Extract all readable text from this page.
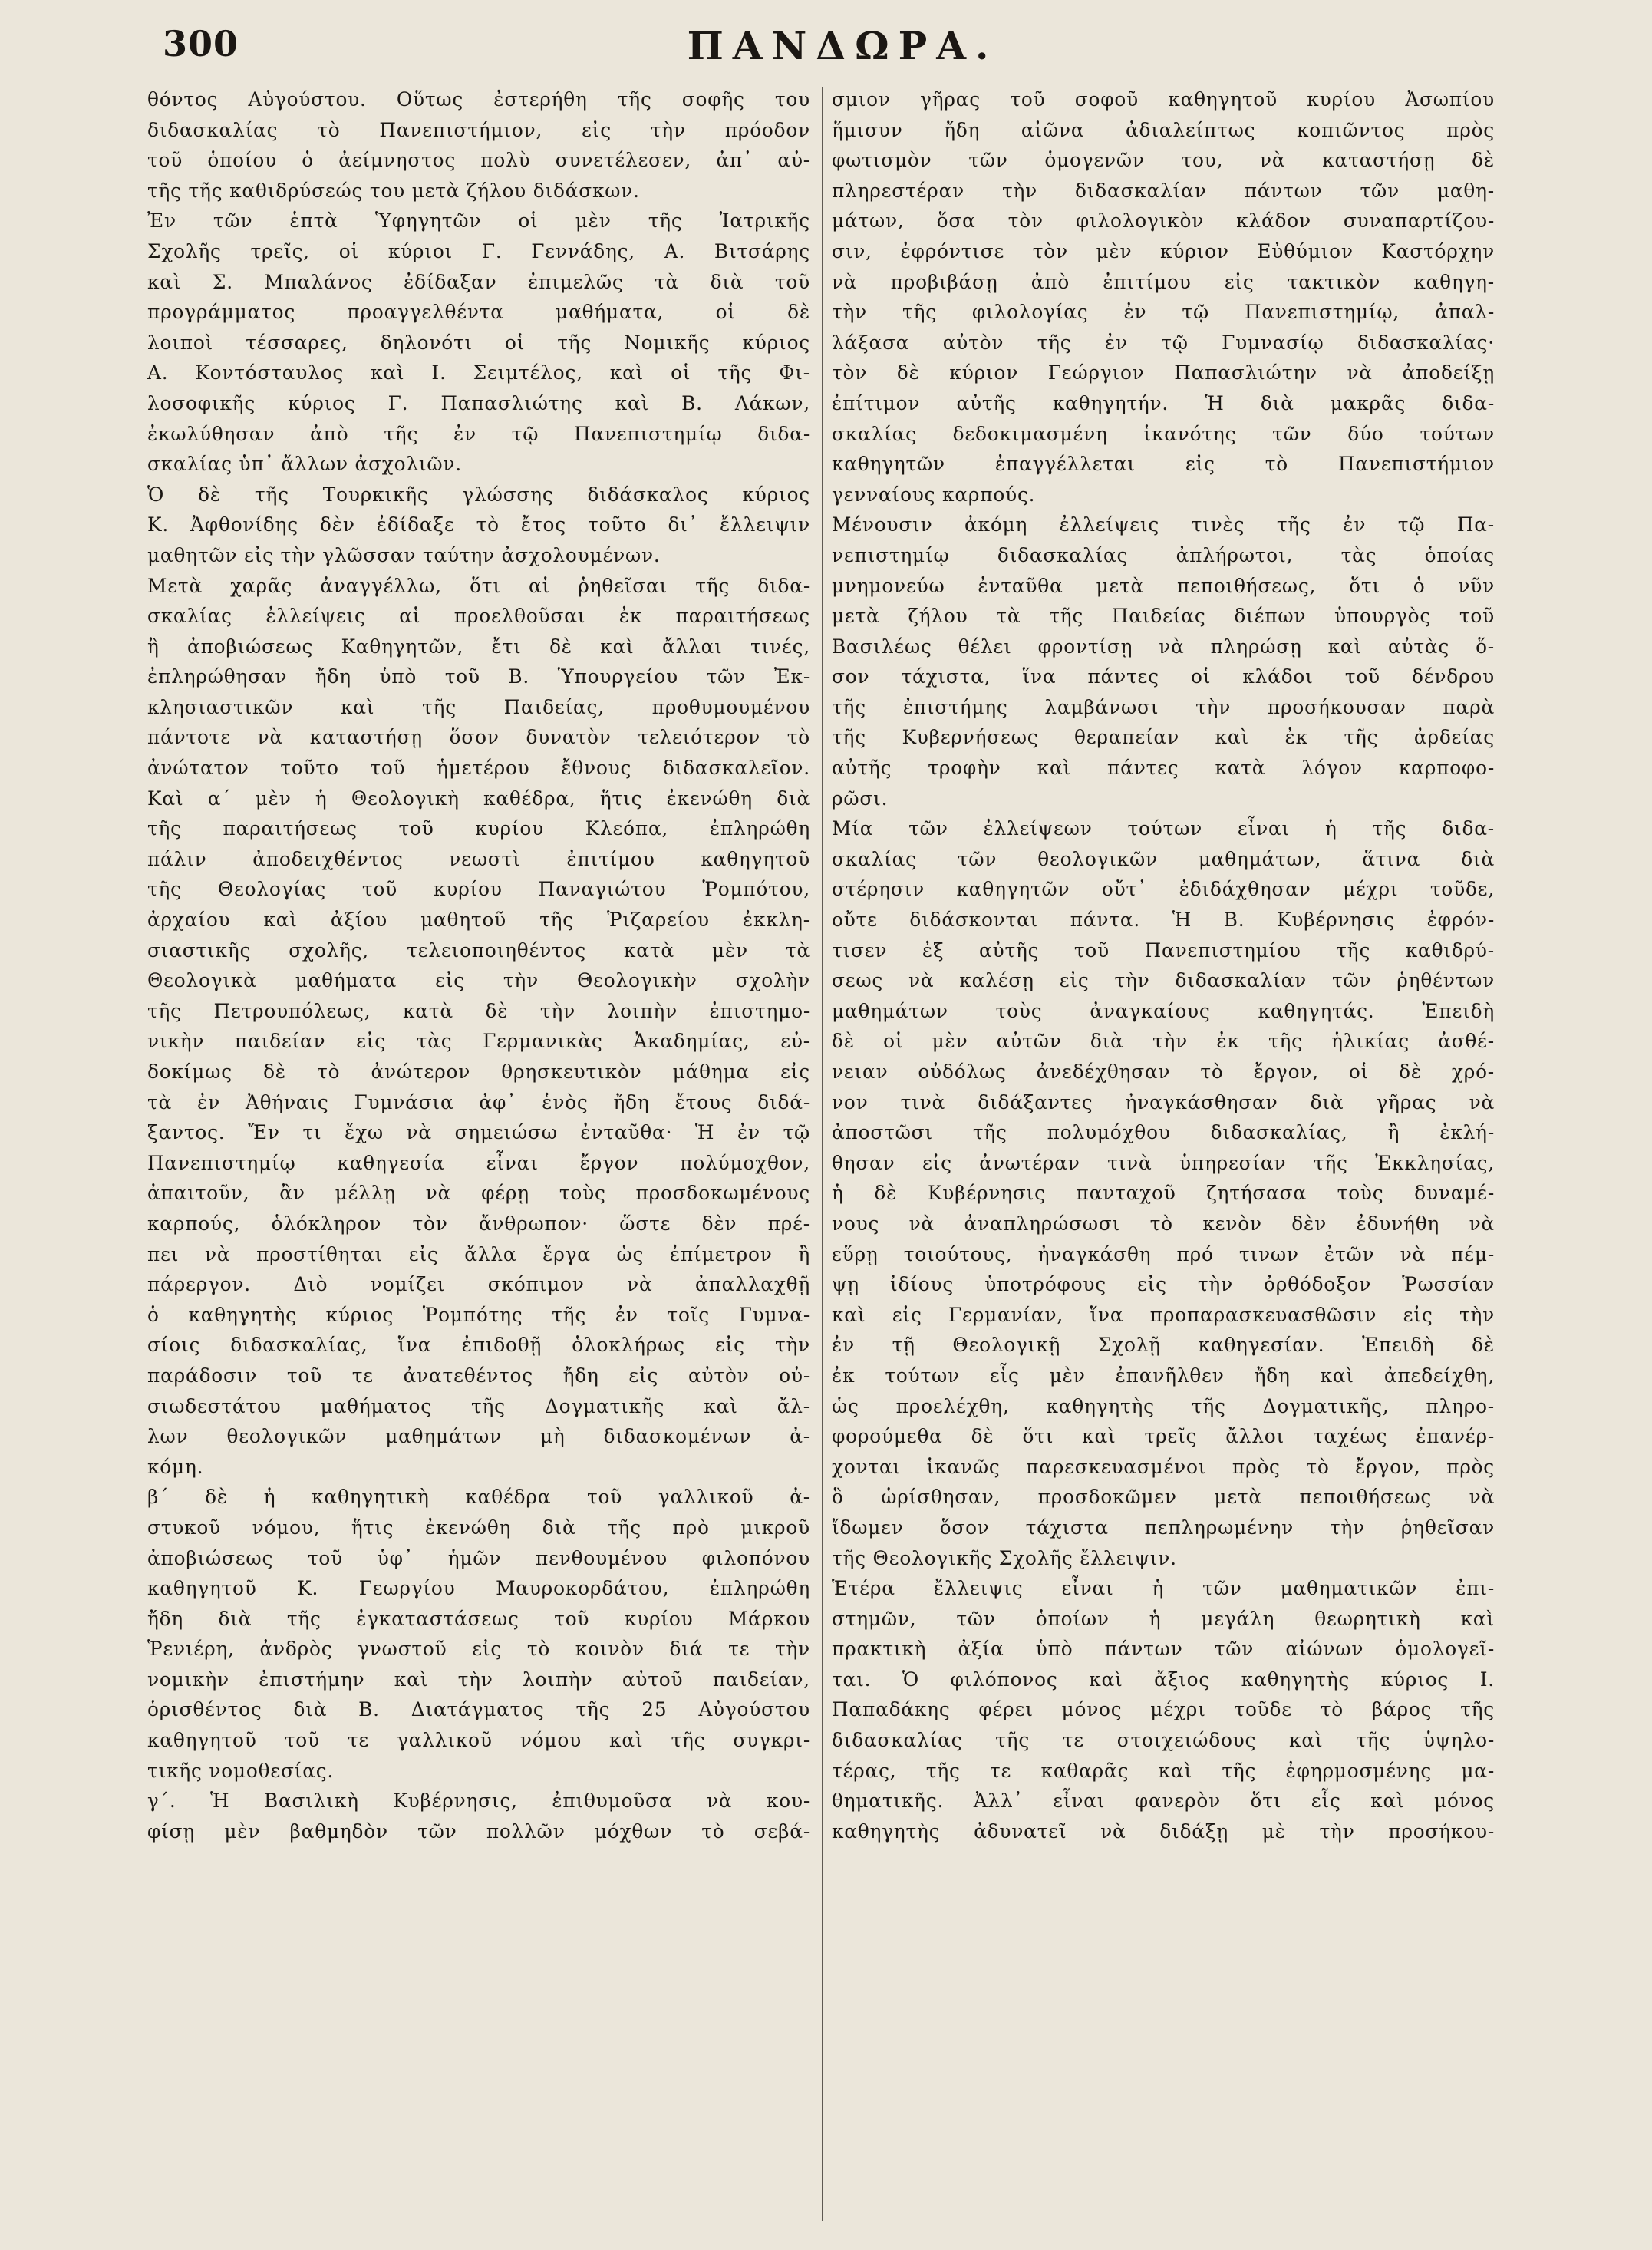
300	ΠΑΝΔΩΡΑ.
θόντος Αὐγούστου. Οὕτως ἐστερήθη τῆς σοφῆς του
διδασκαλίας τὸ Πανεπιστήμιον, εἰς τὴν πρόοδον
τοῦ ὁποίου ὁ ἀείμνηστος πολὺ συνετέλεσεν, ἀπ᾽ αὐ-
τῆς τῆς καθιδρύσεώς του μετὰ ζήλου διδάσκων.
Ἐν τῶν ἑπτὰ Ὑφηγητῶν οἱ μὲν τῆς Ἰατρικῆς
Σχολῆς τρεῖς, οἱ κύριοι Γ. Γεννάδης, Α. Βιτσάρης
καὶ Σ. Μπαλάνος ἐδίδαξαν ἐπιμελῶς τὰ διὰ τοῦ
προγράμματος προαγγελθέντα μαθήματα, οἱ δὲ
λοιποὶ τέσσαρες, δηλονότι οἱ τῆς Νομικῆς κύριος
Α. Κοντόσταυλος καὶ Ι. Σειμτέλος, καὶ οἱ τῆς Φι-
λοσοφικῆς κύριος Γ. Παπασλιώτης καὶ Β. Λάκων,
ἐκωλύθησαν ἀπὸ τῆς ἐν τῷ Πανεπιστημίῳ διδα-
σκαλίας ὑπ᾽ ἄλλων ἀσχολιῶν.
Ὁ δὲ τῆς Τουρκικῆς γλώσσης διδάσκαλος κύριος
Κ. Ἀφθονίδης δὲν ἐδίδαξε τὸ ἔτος τοῦτο δι᾽ ἔλλειψιν
μαθητῶν εἰς τὴν γλῶσσαν ταύτην ἀσχολουμένων.
Μετὰ χαρᾶς ἀναγγέλλω, ὅτι αἱ ῥηθεῖσαι τῆς διδα-
σκαλίας ἐλλείψεις αἱ προελθοῦσαι ἐκ παραιτήσεως
ἢ ἀποβιώσεως Καθηγητῶν, ἔτι δὲ καὶ ἄλλαι τινές,
ἐπληρώθησαν ἤδη ὑπὸ τοῦ Β. Ὑπουργείου τῶν Ἐκ-
κλησιαστικῶν καὶ τῆς Παιδείας, προθυμουμένου
πάντοτε νὰ καταστήσῃ ὅσον δυνατὸν τελειότερον τὸ
ἀνώτατον τοῦτο τοῦ ἡμετέρου ἔθνους διδασκαλεῖον.
Καὶ α΄ μὲν ἡ Θεολογικὴ καθέδρα, ἥτις ἐκενώθη διὰ
τῆς παραιτήσεως τοῦ κυρίου Κλεόπα, ἐπληρώθη
πάλιν ἀποδειχθέντος νεωστὶ ἐπιτίμου καθηγητοῦ
τῆς Θεολογίας τοῦ κυρίου Παναγιώτου Ῥομπότου,
ἀρχαίου καὶ ἀξίου μαθητοῦ τῆς Ῥιζαρείου ἐκκλη-
σιαστικῆς σχολῆς, τελειοποιηθέντος κατὰ μὲν τὰ
Θεολογικὰ μαθήματα εἰς τὴν Θεολογικὴν σχολὴν
τῆς Πετρουπόλεως, κατὰ δὲ τὴν λοιπὴν ἐπιστημο-
νικὴν παιδείαν εἰς τὰς Γερμανικὰς Ἀκαδημίας, εὐ-
δοκίμως δὲ τὸ ἀνώτερον θρησκευτικὸν μάθημα εἰς
τὰ ἐν Ἀθήναις Γυμνάσια ἀφ᾽ ἑνὸς ἤδη ἔτους διδά-
ξαντος. Ἔν τι ἔχω νὰ σημειώσω ἐνταῦθα· Ἡ ἐν τῷ
Πανεπιστημίῳ καθηγεσία εἶναι ἔργον πολύμοχθον,
ἀπαιτοῦν, ἂν μέλλῃ νὰ φέρῃ τοὺς προσδοκωμένους
καρπούς, ὁλόκληρον τὸν ἄνθρωπον· ὥστε δὲν πρέ-
πει νὰ προστίθηται εἰς ἄλλα ἔργα ὡς ἐπίμετρον ἢ
πάρεργον. Διὸ νομίζει σκόπιμον νὰ ἀπαλλαχθῇ
ὁ καθηγητὴς κύριος Ῥομπότης τῆς ἐν τοῖς Γυμνα-
σίοις διδασκαλίας, ἵνα ἐπιδοθῇ ὁλοκλήρως εἰς τὴν
παράδοσιν τοῦ τε ἀνατεθέντος ἤδη εἰς αὐτὸν οὐ-
σιωδεστάτου μαθήματος τῆς Δογματικῆς καὶ ἄλ-
λων θεολογικῶν μαθημάτων μὴ διδασκομένων ἀ-
κόμη.
β΄ δὲ ἡ καθηγητικὴ καθέδρα τοῦ γαλλικοῦ ἀ-
στυκοῦ νόμου, ἥτις ἐκενώθη διὰ τῆς πρὸ μικροῦ
ἀποβιώσεως τοῦ ὑφ᾽ ἡμῶν πενθουμένου φιλοπόνου
καθηγητοῦ Κ. Γεωργίου Μαυροκορδάτου, ἐπληρώθη
ἤδη διὰ τῆς ἐγκαταστάσεως τοῦ κυρίου Μάρκου
Ῥενιέρη, ἀνδρὸς γνωστοῦ εἰς τὸ κοινὸν διά τε τὴν
νομικὴν ἐπιστήμην καὶ τὴν λοιπὴν αὐτοῦ παιδείαν,
ὁρισθέντος διὰ Β. Διατάγματος τῆς 25 Αὐγούστου
καθηγητοῦ τοῦ τε γαλλικοῦ νόμου καὶ τῆς συγκρι-
τικῆς νομοθεσίας.
γ΄. Ἡ Βασιλικὴ Κυβέρνησις, ἐπιθυμοῦσα νὰ κου-
φίσῃ μὲν βαθμηδὸν τῶν πολλῶν μόχθων τὸ σεβά-
σμιον γῆρας τοῦ σοφοῦ καθηγητοῦ κυρίου Ἀσωπίου
ἥμισυν ἤδη αἰῶνα ἀδιαλείπτως κοπιῶντος πρὸς
φωτισμὸν τῶν ὁμογενῶν του, νὰ καταστήσῃ δὲ
πληρεστέραν τὴν διδασκαλίαν πάντων τῶν μαθη-
μάτων, ὅσα τὸν φιλολογικὸν κλάδον συναπαρτίζου-
σιν, ἐφρόντισε τὸν μὲν κύριον Εὐθύμιον Καστόρχην
νὰ προβιβάσῃ ἀπὸ ἐπιτίμου εἰς τακτικὸν καθηγη-
τὴν τῆς φιλολογίας ἐν τῷ Πανεπιστημίῳ, ἀπαλ-
λάξασα αὐτὸν τῆς ἐν τῷ Γυμνασίῳ διδασκαλίας·
τὸν δὲ κύριον Γεώργιον Παπασλιώτην νὰ ἀποδείξῃ
ἐπίτιμον αὐτῆς καθηγητήν. Ἡ διὰ μακρᾶς διδα-
σκαλίας δεδοκιμασμένη ἱκανότης τῶν δύο τούτων
καθηγητῶν ἐπαγγέλλεται εἰς τὸ Πανεπιστήμιον
γενναίους καρπούς.
Μένουσιν ἀκόμη ἐλλείψεις τινὲς τῆς ἐν τῷ Πα-
νεπιστημίῳ διδασκαλίας ἀπλήρωτοι, τὰς ὁποίας
μνημονεύω ἐνταῦθα μετὰ πεποιθήσεως, ὅτι ὁ νῦν
μετὰ ζήλου τὰ τῆς Παιδείας διέπων ὑπουργὸς τοῦ
Βασιλέως θέλει φροντίσῃ νὰ πληρώσῃ καὶ αὐτὰς ὅ-
σον τάχιστα, ἵνα πάντες οἱ κλάδοι τοῦ δένδρου
τῆς ἐπιστήμης λαμβάνωσι τὴν προσήκουσαν παρὰ
τῆς Κυβερνήσεως θεραπείαν καὶ ἐκ τῆς ἀρδείας
αὐτῆς τροφὴν καὶ πάντες κατὰ λόγον καρποφο-
ρῶσι.
Μία τῶν ἐλλείψεων τούτων εἶναι ἡ τῆς διδα-
σκαλίας τῶν θεολογικῶν μαθημάτων, ἅτινα διὰ
στέρησιν καθηγητῶν οὔτ᾽ ἐδιδάχθησαν μέχρι τοῦδε,
οὔτε διδάσκονται πάντα. Ἡ Β. Κυβέρνησις ἐφρόν-
τισεν ἐξ αὐτῆς τοῦ Πανεπιστημίου τῆς καθιδρύ-
σεως νὰ καλέσῃ εἰς τὴν διδασκαλίαν τῶν ῥηθέντων
μαθημάτων τοὺς ἀναγκαίους καθηγητάς. Ἐπειδὴ
δὲ οἱ μὲν αὐτῶν διὰ τὴν ἐκ τῆς ἡλικίας ἀσθέ-
νειαν οὐδόλως ἀνεδέχθησαν τὸ ἔργον, οἱ δὲ χρό-
νον τινὰ διδάξαντες ἠναγκάσθησαν διὰ γῆρας νὰ
ἀποστῶσι τῆς πολυμόχθου διδασκαλίας, ἢ ἐκλή-
θησαν εἰς ἀνωτέραν τινὰ ὑπηρεσίαν τῆς Ἐκκλησίας,
ἡ δὲ Κυβέρνησις πανταχοῦ ζητήσασα τοὺς δυναμέ-
νους νὰ ἀναπληρώσωσι τὸ κενὸν δὲν ἐδυνήθη νὰ
εὕρῃ τοιούτους, ἠναγκάσθη πρό τινων ἐτῶν νὰ πέμ-
ψῃ ἰδίους ὑποτρόφους εἰς τὴν ὀρθόδοξον Ῥωσσίαν
καὶ εἰς Γερμανίαν, ἵνα προπαρασκευασθῶσιν εἰς τὴν
ἐν τῇ Θεολογικῇ Σχολῇ καθηγεσίαν. Ἐπειδὴ δὲ
ἐκ τούτων εἷς μὲν ἐπανῆλθεν ἤδη καὶ ἀπεδείχθη,
ὡς προελέχθη, καθηγητὴς τῆς Δογματικῆς, πληρο-
φορούμεθα δὲ ὅτι καὶ τρεῖς ἄλλοι ταχέως ἐπανέρ-
χονται ἱκανῶς παρεσκευασμένοι πρὸς τὸ ἔργον, πρὸς
ὃ ὡρίσθησαν, προσδοκῶμεν μετὰ πεποιθήσεως νὰ
ἴδωμεν ὅσον τάχιστα πεπληρωμένην τὴν ῥηθεῖσαν
τῆς Θεολογικῆς Σχολῆς ἔλλειψιν.
Ἑτέρα ἔλλειψις εἶναι ἡ τῶν μαθηματικῶν ἐπι-
στημῶν, τῶν ὁποίων ἡ μεγάλη θεωρητικὴ καὶ
πρακτικὴ ἀξία ὑπὸ πάντων τῶν αἰώνων ὁμολογεῖ-
ται. Ὁ φιλόπονος καὶ ἄξιος καθηγητὴς κύριος Ι.
Παπαδάκης φέρει μόνος μέχρι τοῦδε τὸ βάρος τῆς
διδασκαλίας τῆς τε στοιχειώδους καὶ τῆς ὑψηλο-
τέρας, τῆς τε καθαρᾶς καὶ τῆς ἐφηρμοσμένης μα-
θηματικῆς. Ἀλλ᾽ εἶναι φανερὸν ὅτι εἷς καὶ μόνος
καθηγητὴς ἀδυνατεῖ νὰ διδάξῃ μὲ τὴν προσήκου-
